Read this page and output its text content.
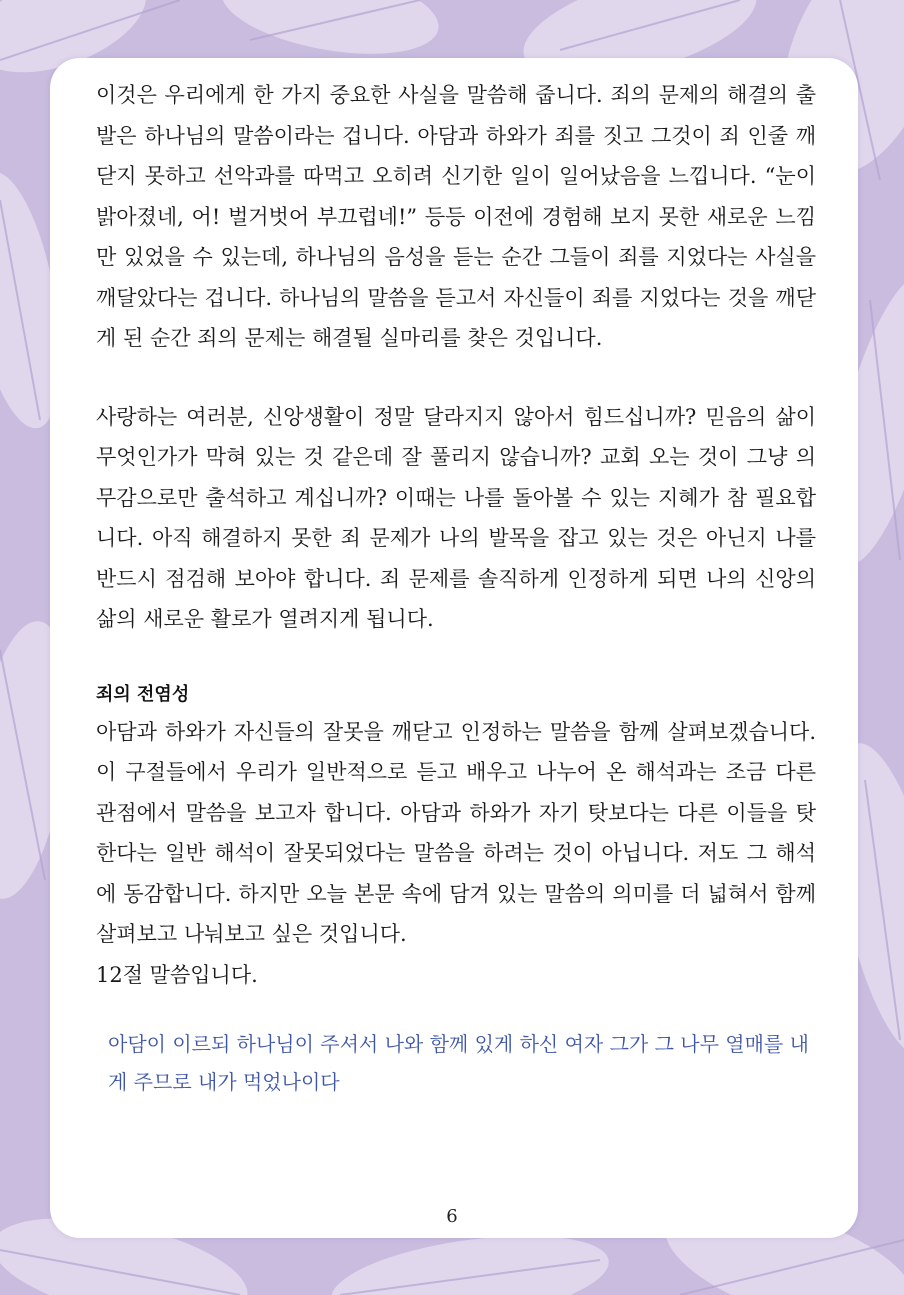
이것은 우리에게 한 가지 중요한 사실을 말씀해 줍니다. 죄의 문제의 해결의 출발은 하나님의 말씀이라는 겁니다. 아담과 하와가 죄를 짓고 그것이 죄 인줄 깨닫지 못하고 선악과를 따먹고 오히려 신기한 일이 일어났음을 느낍니다. “눈이 밝아졌네, 어! 벌거벗어 부끄럽네!” 등등 이전에 경험해 보지 못한 새로운 느낌만 있었을 수 있는데, 하나님의 음성을 듣는 순간 그들이 죄를 지었다는 사실을 깨달았다는 겁니다. 하나님의 말씀을 듣고서 자신들이 죄를 지었다는 것을 깨닫게 된 순간 죄의 문제는 해결될 실마리를 찾은 것입니다.

사랑하는 여러분, 신앙생활이 정말 달라지지 않아서 힘드십니까? 믿음의 삶이 무엇인가가 막혀 있는 것 같은데 잘 풀리지 않습니까? 교회 오는 것이 그냥 의무감으로만 출석하고 계십니까? 이때는 나를 돌아볼 수 있는 지혜가 참 필요합니다. 아직 해결하지 못한 죄 문제가 나의 발목을 잡고 있는 것은 아닌지 나를 반드시 점검해 보아야 합니다. 죄 문제를 솔직하게 인정하게 되면 나의 신앙의 삶의 새로운 활로가 열려지게 됩니다.

죄의 전염성

아담과 하와가 자신들의 잘못을 깨닫고 인정하는 말씀을 함께 살펴보겠습니다. 이 구절들에서 우리가 일반적으로 듣고 배우고 나누어 온 해석과는 조금 다른 관점에서 말씀을 보고자 합니다. 아담과 하와가 자기 탓보다는 다른 이들을 탓한다는 일반 해석이 잘못되었다는 말씀을 하려는 것이 아닙니다. 저도 그 해석에 동감합니다. 하지만 오늘 본문 속에 담겨 있는 말씀의 의미를 더 넓혀서 함께 살펴보고 나눠보고 싶은 것입니다.

12절 말씀입니다.

아담이 이르되 하나님이 주셔서 나와 함께 있게 하신 여자 그가 그 나무 열매를 내게 주므로 내가 먹었나이다

6
